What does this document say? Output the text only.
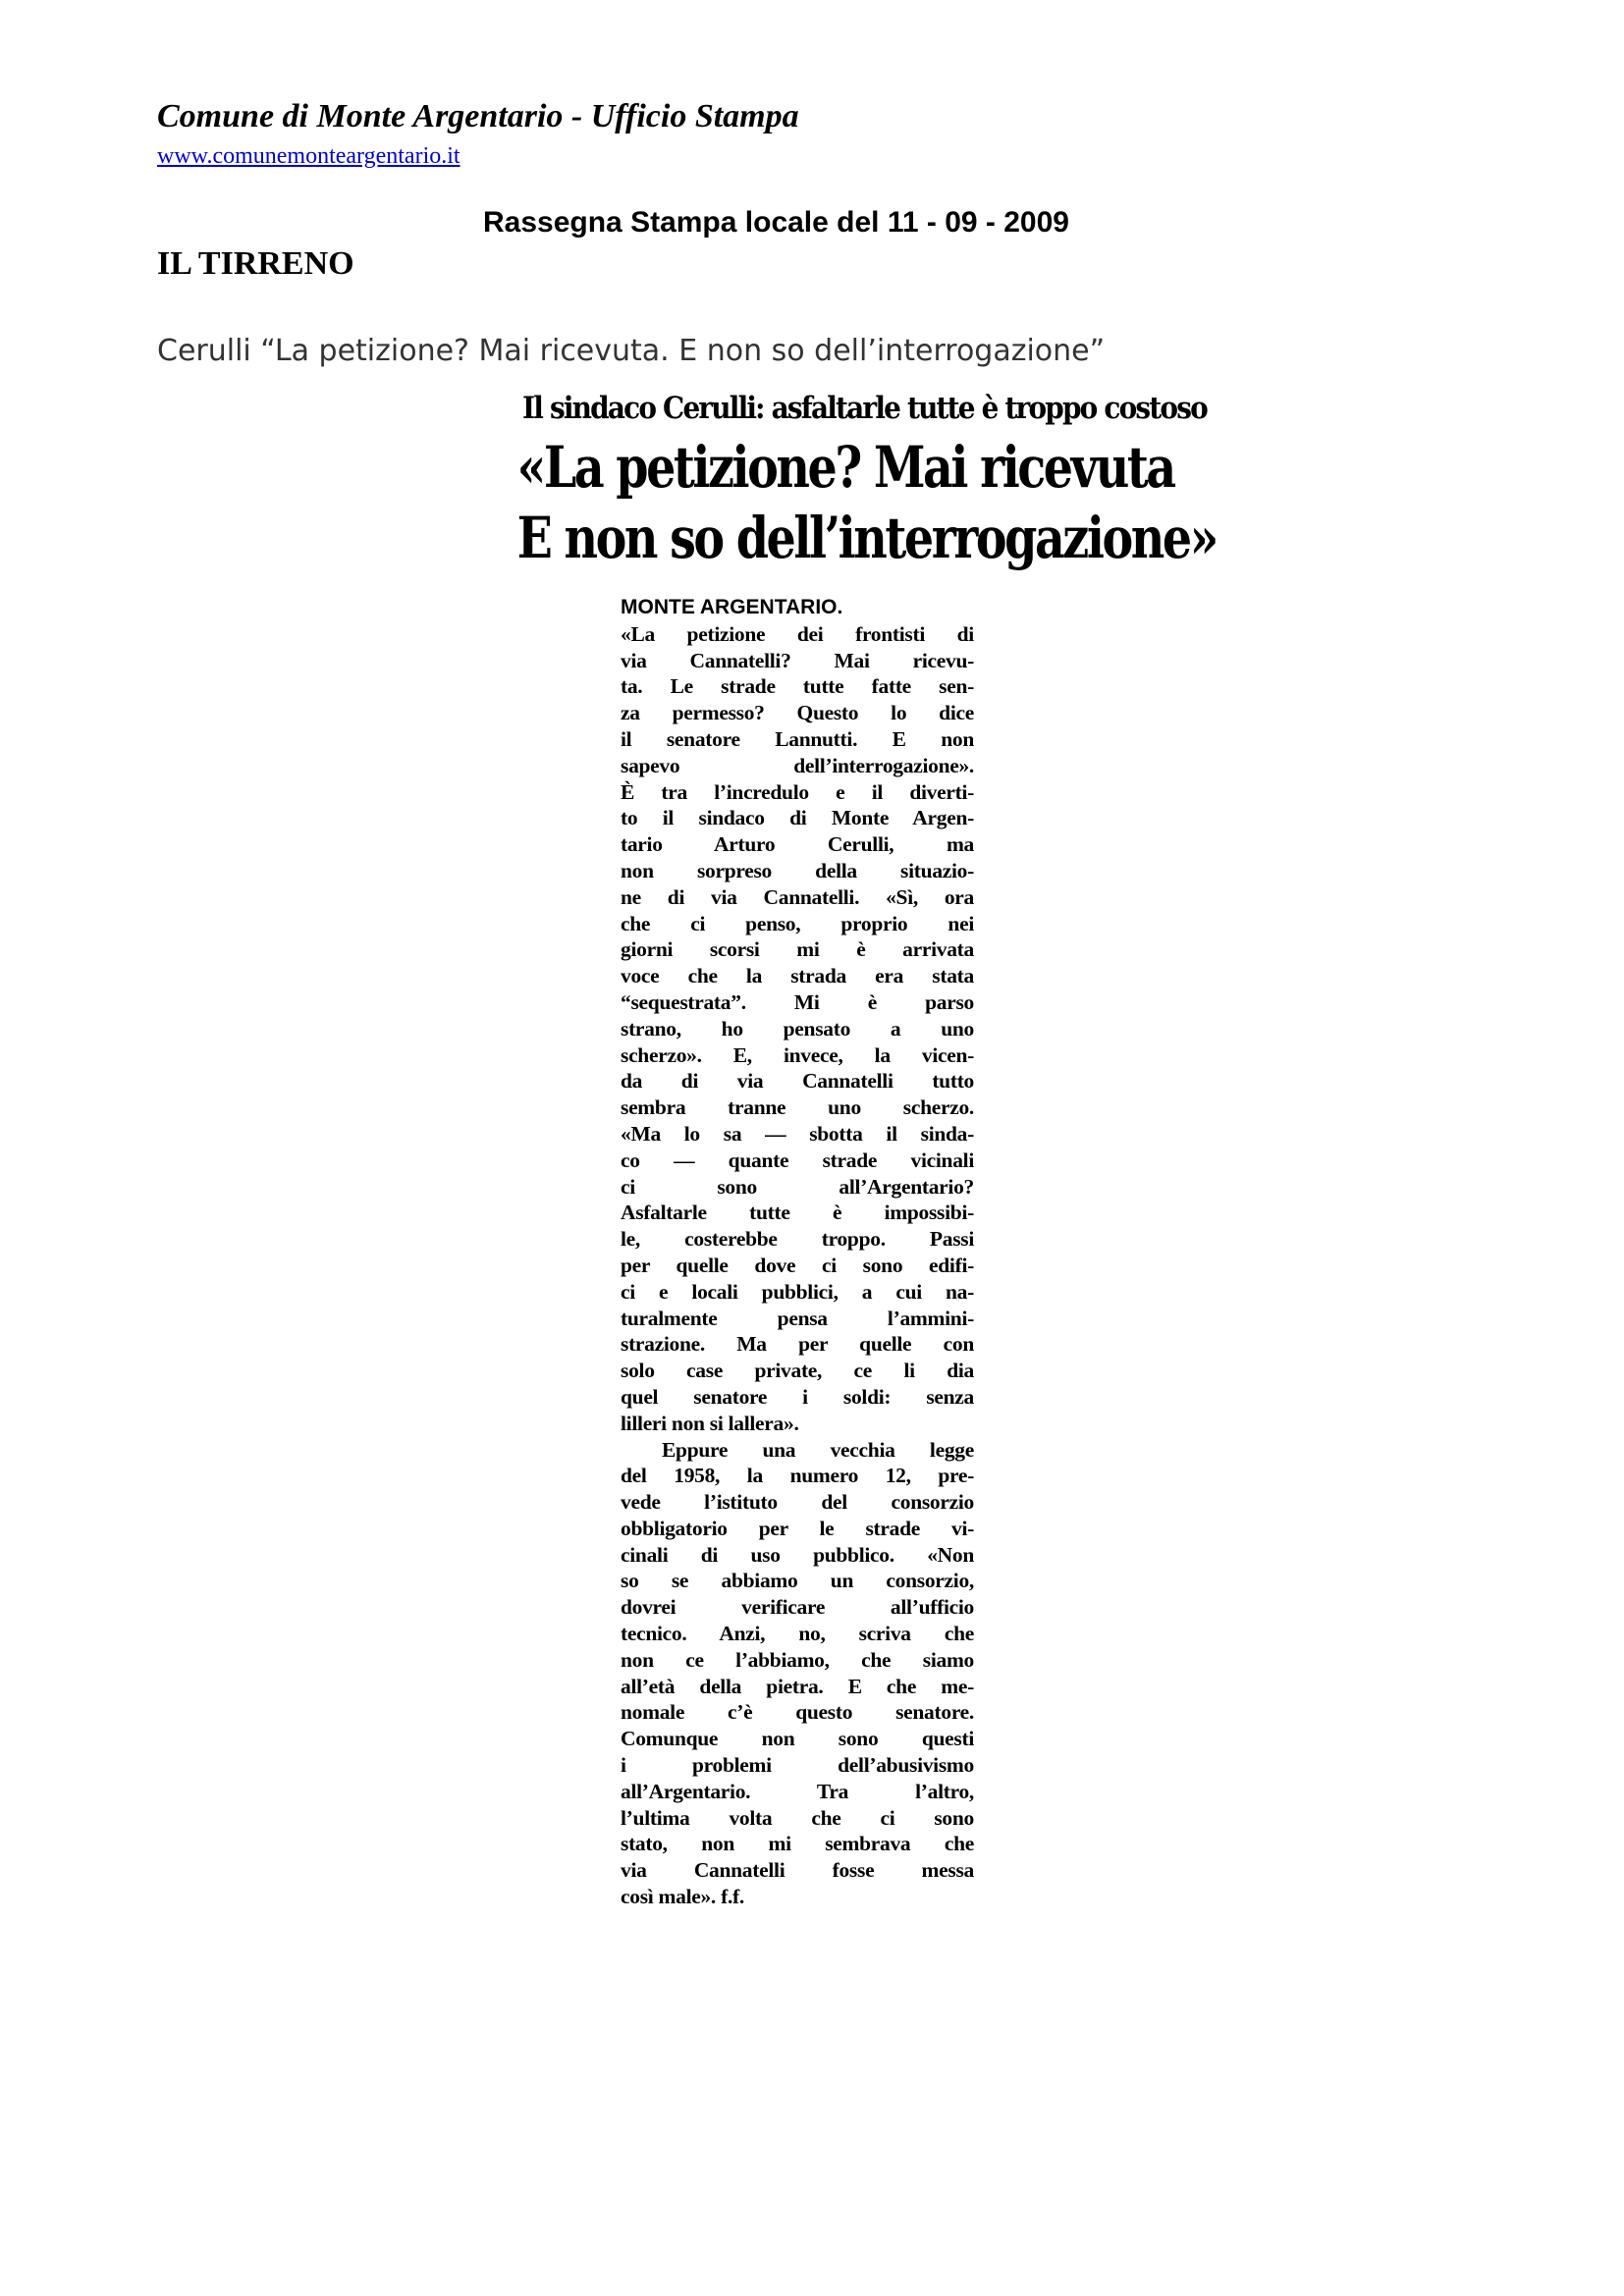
Comune di Monte Argentario - Ufficio Stampa
www.comunemonteargentario.it
Rassegna Stampa locale del 11 - 09 - 2009
IL TIRRENO
Cerulli “La petizione? Mai ricevuta. E non so dell’interrogazione”
Il sindaco Cerulli: asfaltarle tutte è troppo costoso
«La petizione? Mai ricevuta
E non so dell’interrogazione»
MONTE ARGENTARIO.

«La petizione dei frontisti di

via Cannatelli? Mai ricevu-

ta. Le strade tutte fatte sen-

za permesso? Questo lo dice

il senatore Lannutti. E non

sapevo dell’interrogazione».

È tra l’incredulo e il diverti-

to il sindaco di Monte Argen-

tario Arturo Cerulli, ma

non sorpreso della situazio-

ne di via Cannatelli. «Sì, ora

che ci penso, proprio nei

giorni scorsi mi è arrivata

voce che la strada era stata

“sequestrata”. Mi è parso

strano, ho pensato a uno

scherzo». E, invece, la vicen-

da di via Cannatelli tutto

sembra tranne uno scherzo.

«Ma lo sa — sbotta il sinda-

co — quante strade vicinali

ci sono all’Argentario?

Asfaltarle tutte è impossibi-

le, costerebbe troppo. Passi

per quelle dove ci sono edifi-

ci e locali pubblici, a cui na-

turalmente pensa l’ammini-

strazione. Ma per quelle con

solo case private, ce li dia

quel senatore i soldi: senza

lilleri non si lallera».

Eppure una vecchia legge

del 1958, la numero 12, pre-

vede l’istituto del consorzio

obbligatorio per le strade vi-

cinali di uso pubblico. «Non

so se abbiamo un consorzio,

dovrei verificare all’ufficio

tecnico. Anzi, no, scriva che

non ce l’abbiamo, che siamo

all’età della pietra. E che me-

nomale c’è questo senatore.

Comunque non sono questi

i problemi dell’abusivismo

all’Argentario. Tra l’altro,

l’ultima volta che ci sono

stato, non mi sembrava che

via Cannatelli fosse messa

così male». f.f.
